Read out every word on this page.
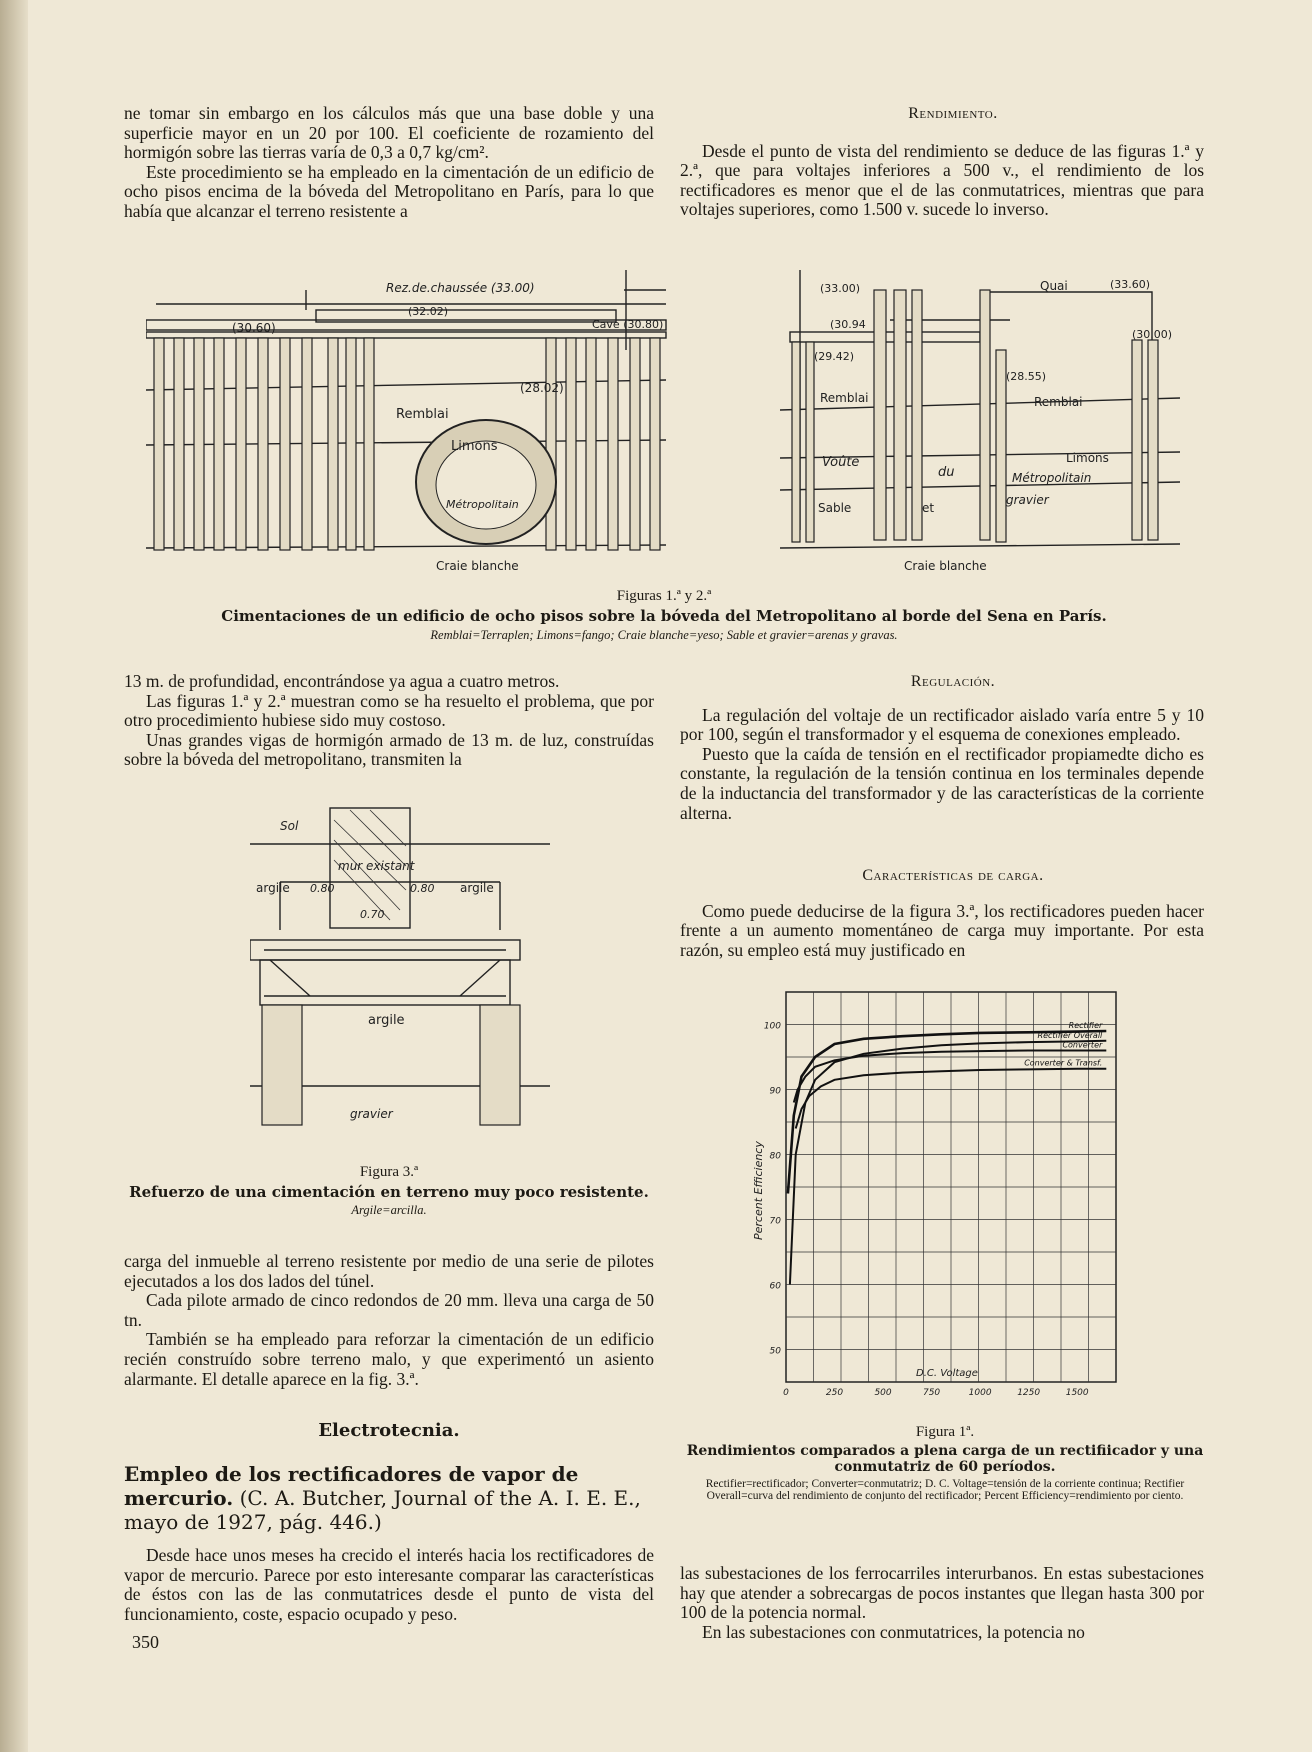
ne tomar sin embargo en los cálculos más que una base doble y una superficie mayor en un 20 por 100. El coeficiente de rozamiento del hormigón sobre las tierras varía de 0,3 a 0,7 kg/cm².

Este procedimiento se ha empleado en la cimentación de un edificio de ocho pisos encima de la bóveda del Metropolitano en París, para lo que había que alcanzar el terreno resistente a

Rendimiento.

Desde el punto de vista del rendimiento se deduce de las figuras 1.ª y 2.ª, que para voltajes inferiores a 500 v., el rendimiento de los rectificadores es menor que el de las conmutatrices, mientras que para voltajes superiores, como 1.500 v. sucede lo inverso.

Rez.de.chaussée (33.00)
(32.02)
(30.60)	Cave (30.80)
(28.02)
Remblai
Limons
Métropolitain
Craie blanche
(33.00)	Quai	(33.60)
(30.94
(30.00)
(29.42)
(28.55)
Remblai	Remblai
Voûte
du
Limons
Métropolitain
Sable	et
gravier
Craie blanche
Figuras 1.ª y 2.ª
Cimentaciones de un edificio de ocho pisos sobre la bóveda del Metropolitano al borde del Sena en París.
Remblai=Terraplen; Limons=fango; Craie blanche=yeso; Sable et gravier=arenas y gravas.

13 m. de profundidad, encontrándose ya agua a cuatro metros.

Las figuras 1.ª y 2.ª muestran como se ha resuelto el problema, que por otro procedimiento hubiese sido muy costoso.

Unas grandes vigas de hormigón armado de 13 m. de luz, construídas sobre la bóveda del metropolitano, transmiten la

Sol
mur existant
argile	argile
0.80	0.80
0.70
argile
gravier
Figura 3.ª
Refuerzo de una cimentación en terreno muy poco resistente.
Argile=arcilla.

carga del inmueble al terreno resistente por medio de una serie de pilotes ejecutados a los dos lados del túnel.

Cada pilote armado de cinco redondos de 20 mm. lleva una carga de 50 tn.

También se ha empleado para reforzar la cimentación de un edificio recién construído sobre terreno malo, y que experimentó un asiento alarmante. El detalle aparece en la fig. 3.ª.

Electrotecnia.
Empleo de los rectificadores de vapor de mercurio. (C. A. Butcher, Journal of the A. I. E. E., mayo de 1927, pág. 446.)

Desde hace unos meses ha crecido el interés hacia los rectificadores de vapor de mercurio. Parece por esto interesante comparar las características de éstos con las de las conmutatrices desde el punto de vista del funcionamiento, coste, espacio ocupado y peso.

350

Regulación.

La regulación del voltaje de un rectificador aislado varía entre 5 y 10 por 100, según el transformador y el esquema de conexiones empleado.

Puesto que la caída de tensión en el rectificador propiamedte dicho es constante, la regulación de la tensión continua en los terminales depende de la inductancia del transformador y de las características de la corriente alterna.

Características de carga.

Como puede deducirse de la figura 3.ª, los rectificadores pueden hacer frente a un aumento momentáneo de carga muy importante. Por esta razón, su empleo está muy justificado en

50
60
70
80
90
100
0	250	500	750	1000	1250	1500
Rectifier
Converter
Rectifier Overall
Converter & Transf.
Percent Efficiency
D.C. Voltage
Figura 1ª.
Rendimientos comparados a plena carga de un rectifiicador y una conmutatriz de 60 períodos.
Rectifier=rectificador; Converter=conmutatriz; D. C. Voltage=tensión de la corriente continua; Rectifier Overall=curva del rendimiento de conjunto del rectificador; Percent Efficiency=rendimiento por ciento.

las subestaciones de los ferrocarriles interurbanos. En estas subestaciones hay que atender a sobrecargas de pocos instantes que llegan hasta 300 por 100 de la potencia normal.

En las subestaciones con conmutatrices, la potencia no
